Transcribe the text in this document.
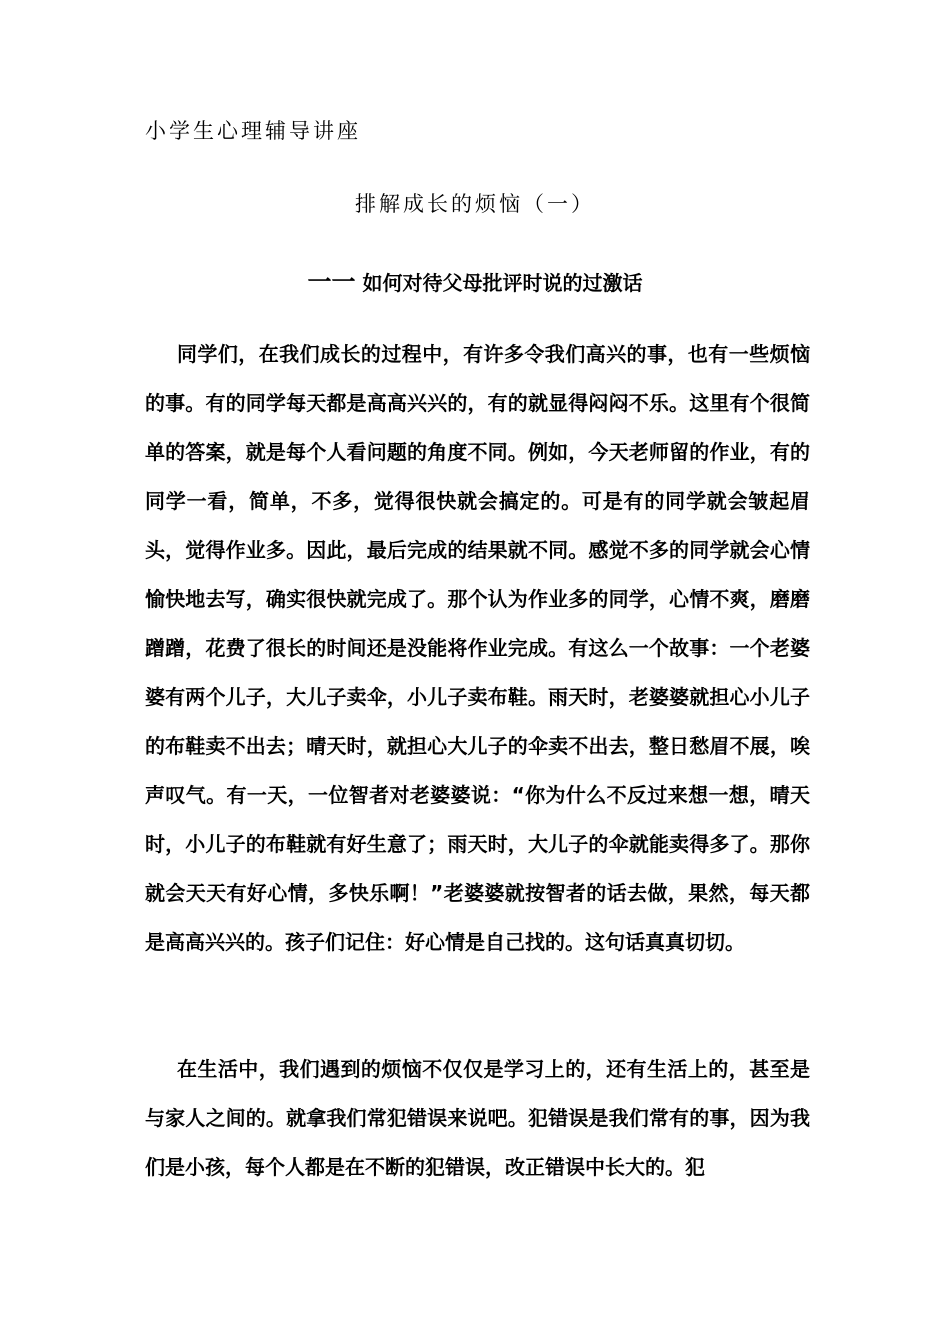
小学生心理辅导讲座
排解成长的烦恼（一）
一一 如何对待父母批评时说的过激话

同学们，在我们成长的过程中，有许多令我们高兴的事，也有一些烦恼的事。有的同学每天都是高高兴兴的，有的就显得闷闷不乐。这里有个很简单的答案，就是每个人看问题的角度不同。例如，今天老师留的作业，有的同学一看，简单，不多，觉得很快就会搞定的。可是有的同学就会皱起眉头，觉得作业多。因此，最后完成的结果就不同。感觉不多的同学就会心情愉快地去写，确实很快就完成了。那个认为作业多的同学，心情不爽，磨磨蹭蹭，花费了很长的时间还是没能将作业完成。有这么一个故事：一个老婆婆有两个儿子，大儿子卖伞，小儿子卖布鞋。雨天时，老婆婆就担心小儿子的布鞋卖不出去；晴天时，就担心大儿子的伞卖不出去，整日愁眉不展，唉声叹气。有一天，一位智者对老婆婆说：“你为什么不反过来想一想，晴天时，小儿子的布鞋就有好生意了；雨天时，大儿子的伞就能卖得多了。那你就会天天有好心情，多快乐啊！”老婆婆就按智者的话去做，果然，每天都是高高兴兴的。孩子们记住：好心情是自己找的。这句话真真切切。

在生活中，我们遇到的烦恼不仅仅是学习上的，还有生活上的，甚至是与家人之间的。就拿我们常犯错误来说吧。犯错误是我们常有的事，因为我们是小孩，每个人都是在不断的犯错误，改正错误中长大的。犯
